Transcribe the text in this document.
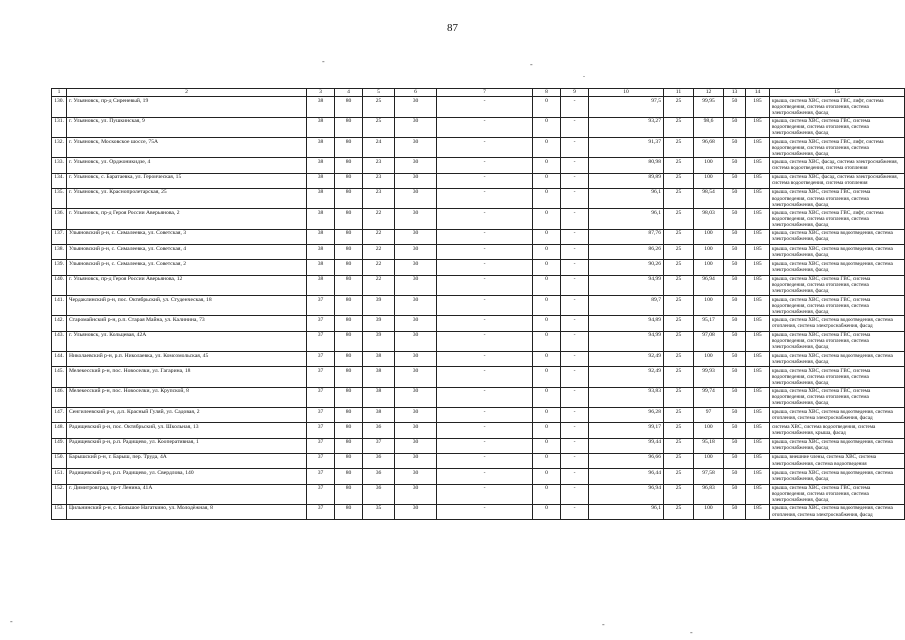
87
-	-
.
-	-
-
1	2	3	4	5	6	7	8	9	10	11	12	13	14	15
130.	г. Ульяновск, пр-д Сиреневый, 19	38	80	25	30	-	0	-	97,5	25	99,95	50	185	крыша, система ХВС, система ГВС, лифт, система водоотведения, система отопления, система электроснабжения, фасад
131.	г. Ульяновск, ул. Пушкинская, 9	38	80	25	30	-	0	-	93,27	25	98,6	50	185	крыша, система ХВС, система ГВС, система водоотведения, система отопления, система электроснабжения, фасад
132.	г. Ульяновск, Московское шоссе, 75А	38	80	24	30	-	0	-	91,37	25	96,68	50	185	крыша, система ХВС, система ГВС, лифт, система водоотведения, система отопления, система электроснабжения, фасад
133.	г. Ульяновск, ул. Орджоникидзе, 4	38	80	23	30	-	0	-	80,98	25	100	50	185	крыша, система ХВС, фасад, система электроснабжения, система водоотведения, система отопления
134.	г. Ульяновск, с. Баратаевка, ул. Героическая, 15	38	80	23	30	-	0	-	89,89	25	100	50	185	крыша, система ХВС, фасад, система электроснабжения, система водоотведения, система отопления
135.	г. Ульяновск, ул. Краснопролетарская, 25	38	80	23	30	-	0	-	96,1	25	98,54	50	185	крыша, система ХВС, система ГВС, система водоотведения, система отопления, система электроснабжения, фасад
136.	г. Ульяновск, пр-д Героя России Аверьянова, 2	38	80	22	30	-	0	-	96,1	25	98,03	50	185	крыша, система ХВС, система ГВС, лифт, система водоотведения, система отопления, система электроснабжения, фасад
137.	Ульяновский р-н, с. Сималеевка, ул. Советская, 3	38	80	22	30	-	0	-	87,76	25	100	50	185	крыша, система ХВС, система водоотведения, система электроснабжения, фасад
138.	Ульяновский р-н, с. Сималеевка, ул. Советская, 4	38	80	22	30	-	0	-	86,26	25	100	50	185	крыша, система ХВС, система водоотведения, система электроснабжения, фасад
139.	Ульяновский р-н, с. Сималеевка, ул. Советская, 2	38	80	22	30	-	0	-	90,26	25	100	50	185	крыша, система ХВС, система водоотведения, система электроснабжения, фасад
140.	г. Ульяновск, пр-д Героя России Аверьянова, 12	38	80	22	30	-	0	-	94,99	25	96,94	50	185	крыша, система ХВС, система ГВС, система водоотведения, система отопления, система электроснабжения, фасад
141.	Чердаклинский р-н, пос. Октябрьский, ул. Студенческая, 18	37	80	39	30	-	0	-	89,7	25	100	50	185	крыша, система ХВС, система ГВС, система водоотведения, система отопления, система электроснабжения, фасад
142.	Старомайнский р-н, р.п. Старая Майна, ул. Калинина, 73	37	80	39	30	-	0	-	94,89	25	95,17	50	185	крыша, система ХВС, система водоотведения, система отопления, система электроснабжения, фасад
143.	г. Ульяновск, ул. Кольцевая, 42А	37	80	39	30	-	0	-	94,99	25	97,08	50	185	крыша, система ХВС, система ГВС, система водоотведения, система отопления, система электроснабжения, фасад
144.	Николаевский р-н, р.п. Николаевка, ул. Комсомольская, 45	37	80	38	30	-	0	-	92,49	25	100	50	185	крыша, система ХВС, система водоотведения, система электроснабжения, фасад
145.	Мелекесский р-н, пос. Новоселки, ул. Гагарина, 18	37	80	38	30	-	0	-	92,49	25	99,93	50	185	крыша, система ХВС, система ГВС, система водоотведения, система отопления, система электроснабжения, фасад
146.	Мелекесский р-н, пос. Новоселки, ул. Крупской, 8	37	80	38	30	-	0	-	93,83	25	99,74	50	185	крыша, система ХВС, система ГВС, система водоотведения, система отопления, система электроснабжения, фасад
147.	Сенгилеевский р-н, д.п. Красный Гуляй, ул. Садовая, 2	37	80	38	30	-	0	-	96,28	25	97	50	185	крыша, система ХВС, система водоотведения, система отопления, система электроснабжения, фасад
148.	Радищевский р-н, пос. Октябрьский, ул. Школьная, 13	37	80	36	30	-	0	-	99,17	25	100	50	185	система ХВС, система водоотведения, система электроснабжения, крыша, фасад
149.	Радищевский р-н, р.п. Радищево, ул. Кооперативная, 1	37	80	37	30	-	0	-	99,44	25	95,18	50	185	крыша, система ХВС, система водоотведения, система электроснабжения, фасад
150.	Барышский р-н, г. Барыш, пер. Труда, 4А	37	80	36	30	-	0	-	96,66	25	100	50	185	крыша, внешние члены, система ХВС, система электроснабжения, система водоотведения
151.	Радищевский р-н, р.п. Радищево, ул. Свердлова, 140	37	80	36	30	-	0	-	96,44	25	97,58	50	185	крыша, система ХВС, система водоотведения, система электроснабжения, фасад
152.	г. Димитровград, пр-т Ленина, 41А	37	80	36	30	-	0	-	96,94	25	96,83	50	185	крыша, система ХВС, система ГВС, система водоотведения, система отопления, система электроснабжения, фасад
153.	Цильнинский р-н, с. Большое Нагаткино, ул. Молодёжная, 8	37	80	35	30	-	0	-	96,1	25	100	50	185	крыша, система ХВС, система водоотведения, система отопления, система электроснабжения, фасад
